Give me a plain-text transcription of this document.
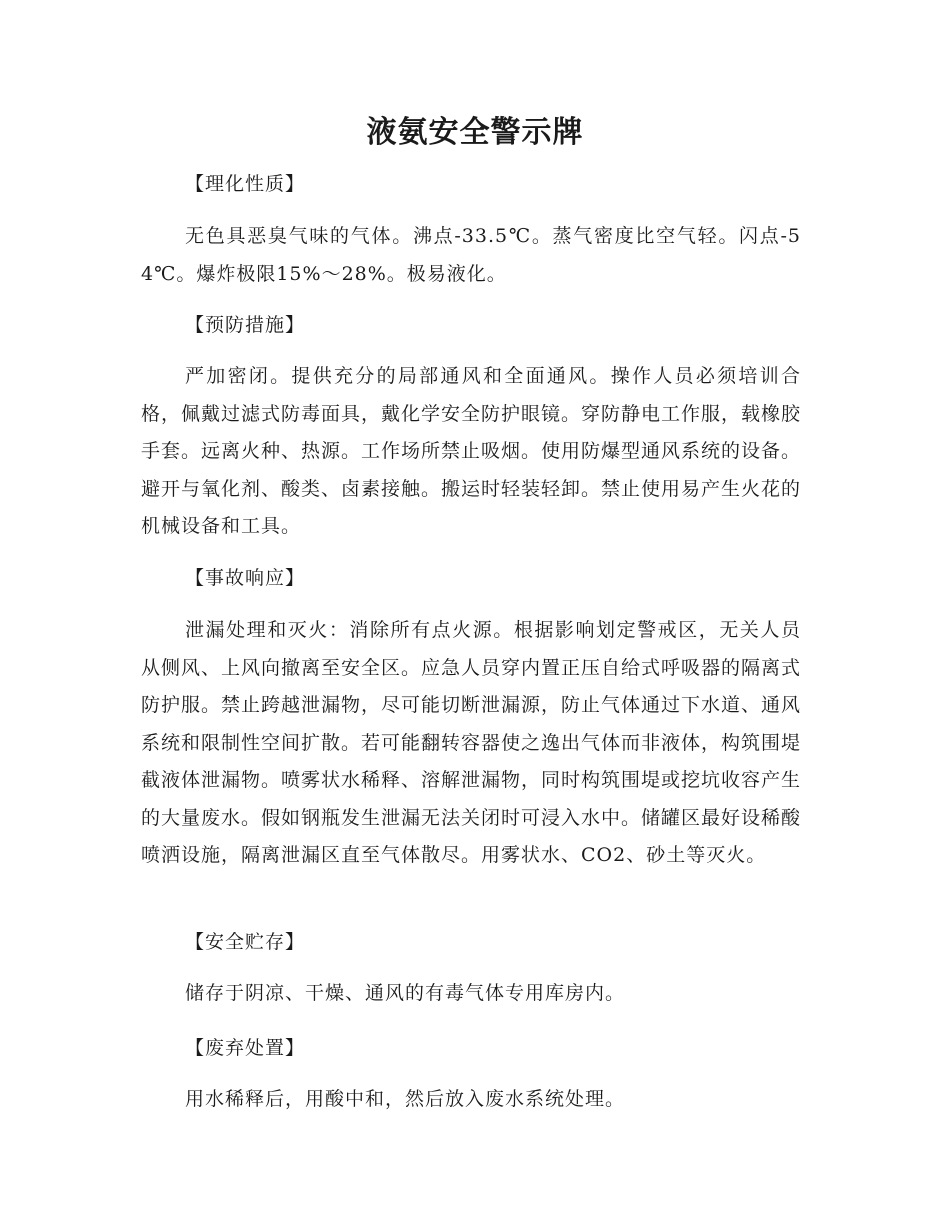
液氨安全警示牌

【理化性质】

无色具恶臭气味的气体。沸点-33.5℃。蒸气密度比空气轻。闪点-54℃。爆炸极限15%～28%。极易液化。

【预防措施】

严加密闭。提供充分的局部通风和全面通风。操作人员必须培训合格，佩戴过滤式防毒面具，戴化学安全防护眼镜。穿防静电工作服，载橡胶手套。远离火种、热源。工作场所禁止吸烟。使用防爆型通风系统的设备。避开与氧化剂、酸类、卤素接触。搬运时轻装轻卸。禁止使用易产生火花的机械设备和工具。

【事故响应】

泄漏处理和灭火：消除所有点火源。根据影响划定警戒区，无关人员从侧风、上风向撤离至安全区。应急人员穿内置正压自给式呼吸器的隔离式防护服。禁止跨越泄漏物，尽可能切断泄漏源，防止气体通过下水道、通风系统和限制性空间扩散。若可能翻转容器使之逸出气体而非液体，构筑围堤截液体泄漏物。喷雾状水稀释、溶解泄漏物，同时构筑围堤或挖坑收容产生的大量废水。假如钢瓶发生泄漏无法关闭时可浸入水中。储罐区最好设稀酸喷洒设施，隔离泄漏区直至气体散尽。用雾状水、CO2、砂土等灭火。

【安全贮存】

储存于阴凉、干燥、通风的有毒气体专用库房内。

【废弃处置】

用水稀释后，用酸中和，然后放入废水系统处理。
